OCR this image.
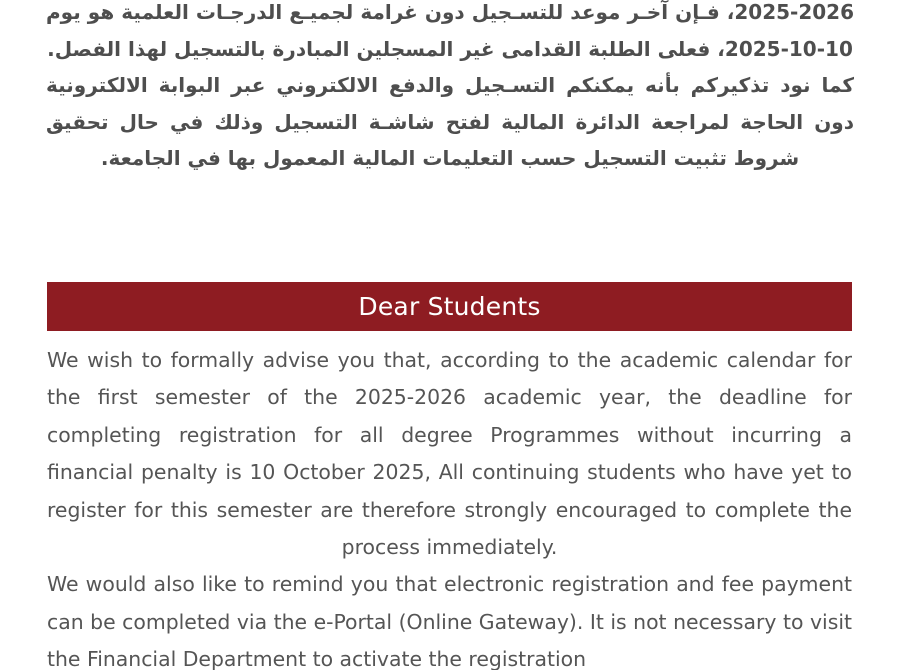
2025-2026، فـإن آخـر موعد للتسـجيل دون غرامة لجميـع الدرجـات العلمية هو يوم 10-10-2025، فعلى الطلبة القدامى غير المسجلين المبادرة بالتسجيل لهذا الفصل.

كما نود تذكيركم بأنه يمكنكم التسـجيل والدفع الالكتروني عبر البوابة الالكترونية دون الحاجة لمراجعة الدائرة المالية لفتح شاشـة التسجيل وذلك في حال تحقيق شروط تثبيت التسجيل حسب التعليمات المالية المعمول بها في الجامعة.

Dear Students

We wish to formally advise you that, according to the academic calendar for the first semester of the 2025-2026 academic year, the deadline for completing registration for all degree Programmes without incurring a financial penalty is 10 October 2025, All continuing students who have yet to register for this semester are therefore strongly encouraged to complete the process immediately.

We would also like to remind you that electronic registration and fee payment can be completed via the e-Portal (Online Gateway). It is not necessary to visit the Financial Department to activate the registration
